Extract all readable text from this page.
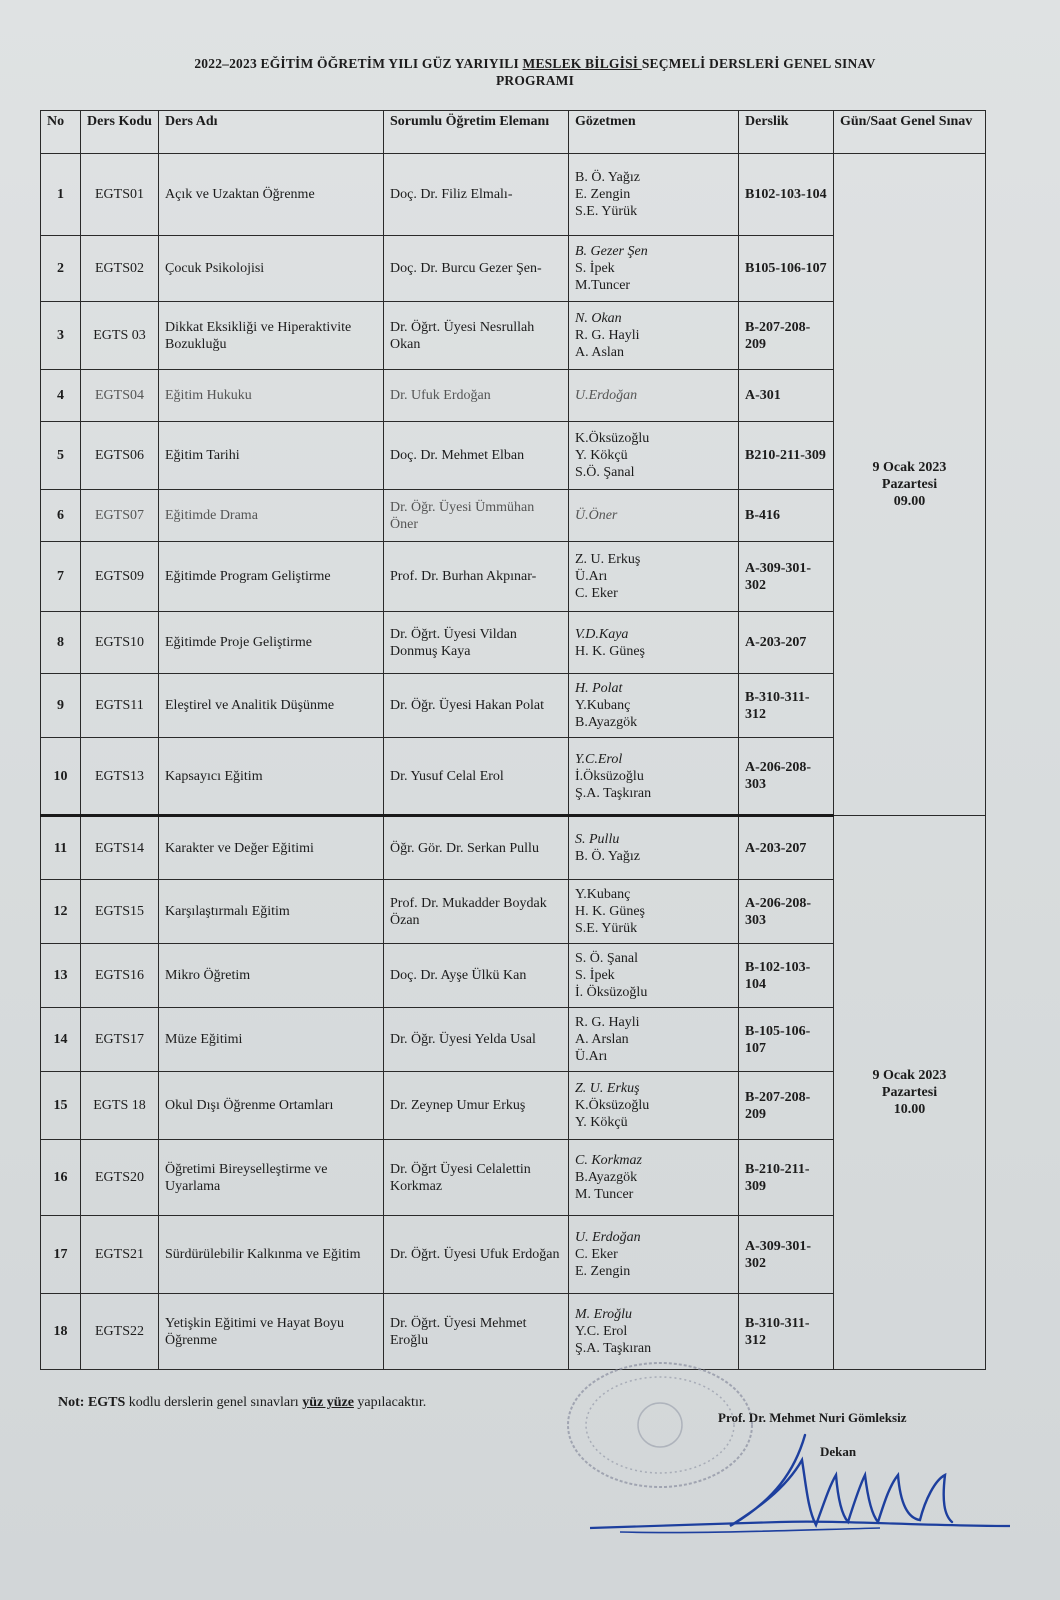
2022–2023 EĞİTİM ÖĞRETİM YILI GÜZ YARIYILI MESLEK BİLGİSİ SEÇMELİ DERSLERİ GENEL SINAV
PROGRAMI
No	Ders Kodu	Ders Adı	Sorumlu Öğretim Elemanı	Gözetmen	Derslik	Gün/Saat Genel Sınav
1	EGTS01	Açık ve Uzaktan Öğrenme	Doç. Dr. Filiz Elmalı-	B. Ö. Yağız
E. Zengin
S.E. Yürük	B102-103-104	9 Ocak 2023
Pazartesi
09.00

2	EGTS02	Çocuk Psikolojisi	Doç. Dr. Burcu Gezer Şen-	B. Gezer Şen
S. İpek
M.Tuncer	B105-106-107	
3	EGTS 03	Dikkat Eksikliği ve Hiperaktivite Bozukluğu	Dr. Öğrt. Üyesi Nesrullah Okan	N. Okan
R. G. Hayli
A. Aslan	B-207-208-209	
4	EGTS04	Eğitim Hukuku	Dr. Ufuk Erdoğan	U.Erdoğan	A-301	
5	EGTS06	Eğitim Tarihi	Doç. Dr. Mehmet Elban	K.Öksüzoğlu
Y. Kökçü
S.Ö. Şanal	B210-211-309	
6	EGTS07	Eğitimde Drama	Dr. Öğr. Üyesi Ümmühan Öner	Ü.Öner	B-416	
7	EGTS09	Eğitimde Program Geliştirme	Prof. Dr. Burhan Akpınar-	Z. U. Erkuş
Ü.Arı
C. Eker	A-309-301-302	
8	EGTS10	Eğitimde Proje Geliştirme	Dr. Öğrt. Üyesi Vildan Donmuş Kaya	V.D.Kaya
H. K. Güneş	A-203-207	
9	EGTS11	Eleştirel ve Analitik Düşünme	Dr. Öğr. Üyesi Hakan Polat	H. Polat
Y.Kubanç
B.Ayazgök	B-310-311-312	
10	EGTS13	Kapsayıcı Eğitim	Dr. Yusuf Celal Erol	Y.C.Erol
İ.Öksüzoğlu
Ş.A. Taşkıran	A-206-208-303	
11	EGTS14	Karakter ve Değer Eğitimi	Öğr. Gör. Dr. Serkan Pullu	S. Pullu
B. Ö. Yağız	A-203-207	9 Ocak 2023
Pazartesi
10.00

12	EGTS15	Karşılaştırmalı Eğitim	Prof. Dr. Mukadder Boydak Özan	Y.Kubanç
H. K. Güneş
S.E. Yürük	A-206-208-303	
13	EGTS16	Mikro Öğretim	Doç. Dr. Ayşe Ülkü Kan	S. Ö. Şanal
S. İpek
İ. Öksüzoğlu	B-102-103-104	
14	EGTS17	Müze Eğitimi	Dr. Öğr. Üyesi Yelda Usal	R. G. Hayli
A. Arslan
Ü.Arı	B-105-106-107	
15	EGTS 18	Okul Dışı Öğrenme Ortamları	Dr. Zeynep Umur Erkuş	Z. U. Erkuş
K.Öksüzoğlu
Y. Kökçü	B-207-208-209	
16	EGTS20	Öğretimi Bireyselleştirme ve Uyarlama	Dr. Öğrt Üyesi Celalettin Korkmaz	C. Korkmaz
B.Ayazgök
M. Tuncer	B-210-211-309	
17	EGTS21	Sürdürülebilir Kalkınma ve Eğitim	Dr. Öğrt. Üyesi Ufuk Erdoğan	U. Erdoğan
C. Eker
E. Zengin	A-309-301-302	
18	EGTS22	Yetişkin Eğitimi ve Hayat Boyu Öğrenme	Dr. Öğrt. Üyesi Mehmet Eroğlu	M. Eroğlu
Y.C. Erol
Ş.A. Taşkıran	B-310-311-312	
Not: EGTS kodlu derslerin genel sınavları yüz yüze yapılacaktır.
Prof. Dr. Mehmet Nuri Gömleksiz
Dekan
